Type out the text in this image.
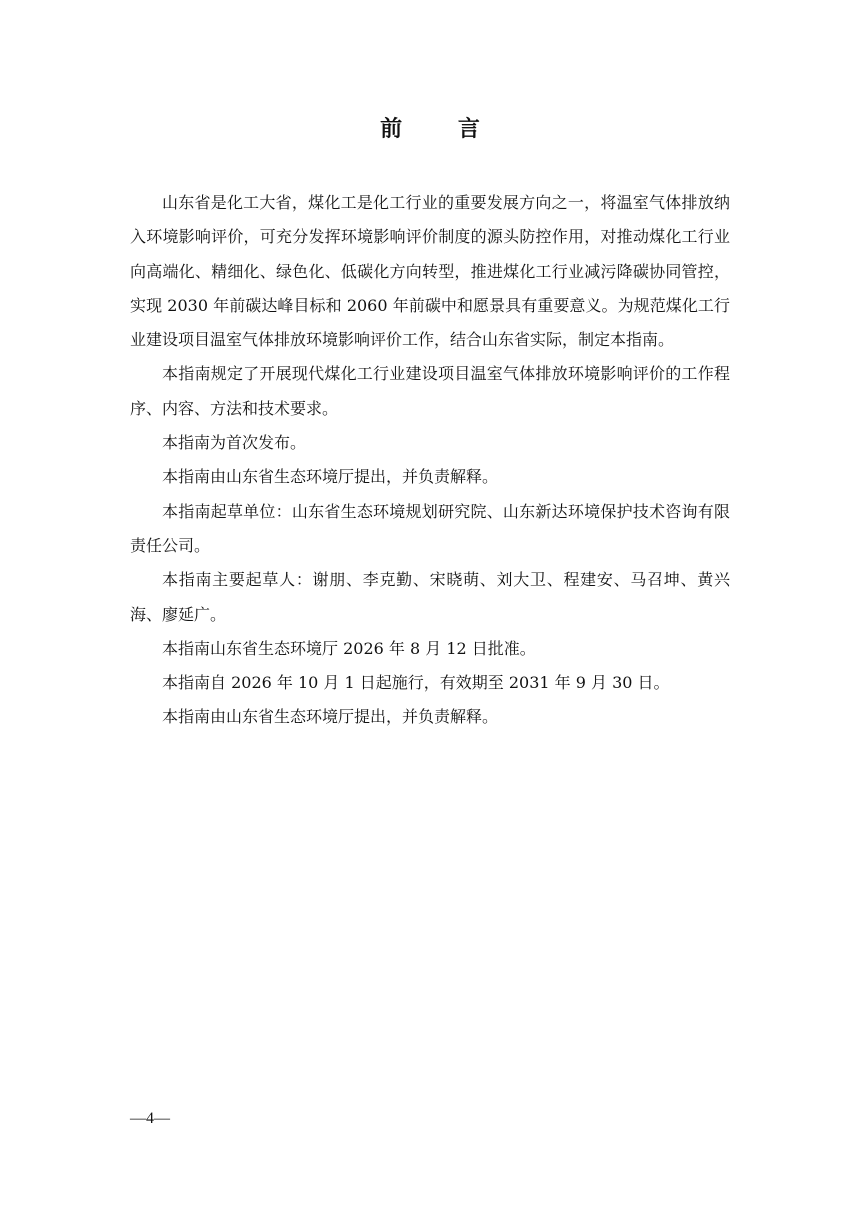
前 言

山东省是化工大省，煤化工是化工行业的重要发展方向之一，将温室气体排放纳入环境影响评价，可充分发挥环境影响评价制度的源头防控作用，对推动煤化工行业向高端化、精细化、绿色化、低碳化方向转型，推进煤化工行业减污降碳协同管控，实现 2030 年前碳达峰目标和 2060 年前碳中和愿景具有重要意义。为规范煤化工行业建设项目温室气体排放环境影响评价工作，结合山东省实际，制定本指南。

本指南规定了开展现代煤化工行业建设项目温室气体排放环境影响评价的工作程序、内容、方法和技术要求。

本指南为首次发布。

本指南由山东省生态环境厅提出，并负责解释。

本指南起草单位：山东省生态环境规划研究院、山东新达环境保护技术咨询有限责任公司。

本指南主要起草人：谢朋、李克勤、宋晓萌、刘大卫、程建安、马召坤、黄兴海、廖延广。

本指南山东省生态环境厅 2026 年 8 月 12 日批准。

本指南自 2026 年 10 月 1 日起施行，有效期至 2031 年 9 月 30 日。

本指南由山东省生态环境厅提出，并负责解释。

—4—
